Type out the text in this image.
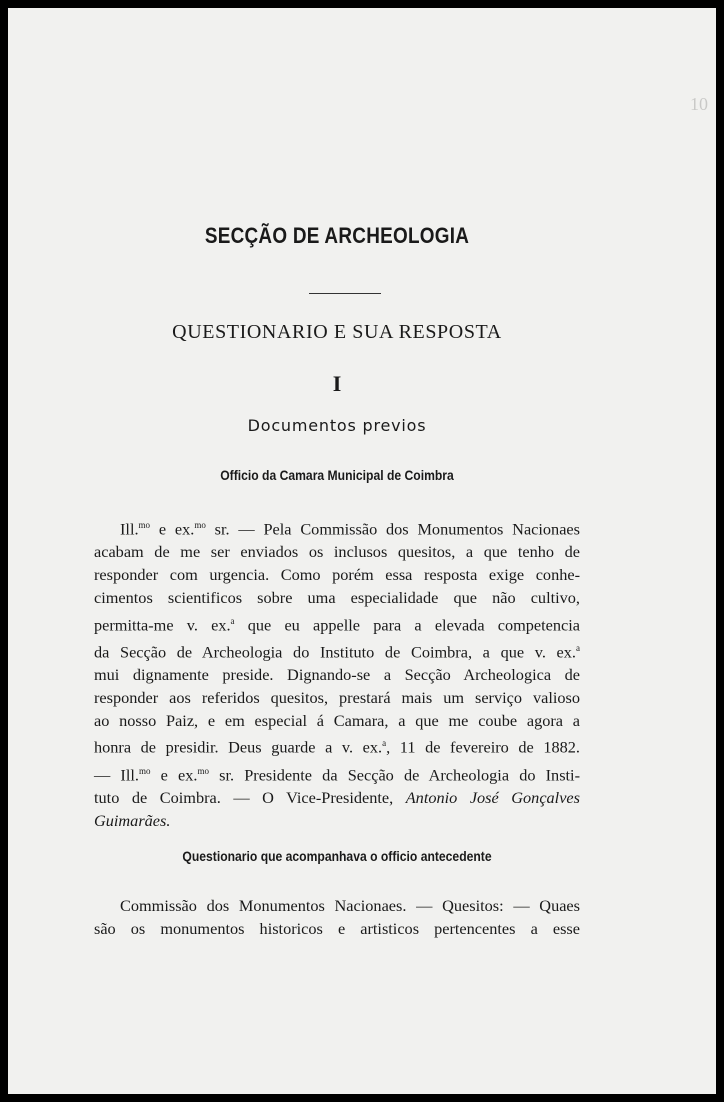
10
SECÇÃO DE ARCHEOLOGIA
QUESTIONARIO E SUA RESPOSTA
I
Documentos previos
Officio da Camara Municipal de Coimbra
Ill.$^{mo}$ e ex.$^{mo}$ sr. — Pela Commissão dos Monumentos Nacionaes
acabam de me ser enviados os inclusos quesitos, a que tenho de
responder com urgencia. Como porém essa resposta exige conhe-
cimentos scientificos sobre uma especialidade que não cultivo,
permitta-me v. ex.$^a$ que eu appelle para a elevada competencia
da Secção de Archeologia do Instituto de Coimbra, a que v. ex.$^a$
mui dignamente preside. Dignando-se a Secção Archeologica de
responder aos referidos quesitos, prestará mais um serviço valioso
ao nosso Paiz, e em especial á Camara, a que me coube agora a
honra de presidir. Deus guarde a v. ex.$^a$, 11 de fevereiro de 1882.
— Ill.$^{mo}$ e ex.$^{mo}$ sr. Presidente da Secção de Archeologia do Insti-
tuto de Coimbra. — O Vice-Presidente, Antonio José Gonçalves
Guimarães.
Questionario que acompanhava o officio antecedente
Commissão dos Monumentos Nacionaes. — Quesitos: — Quaes
são os monumentos historicos e artisticos pertencentes a esse
